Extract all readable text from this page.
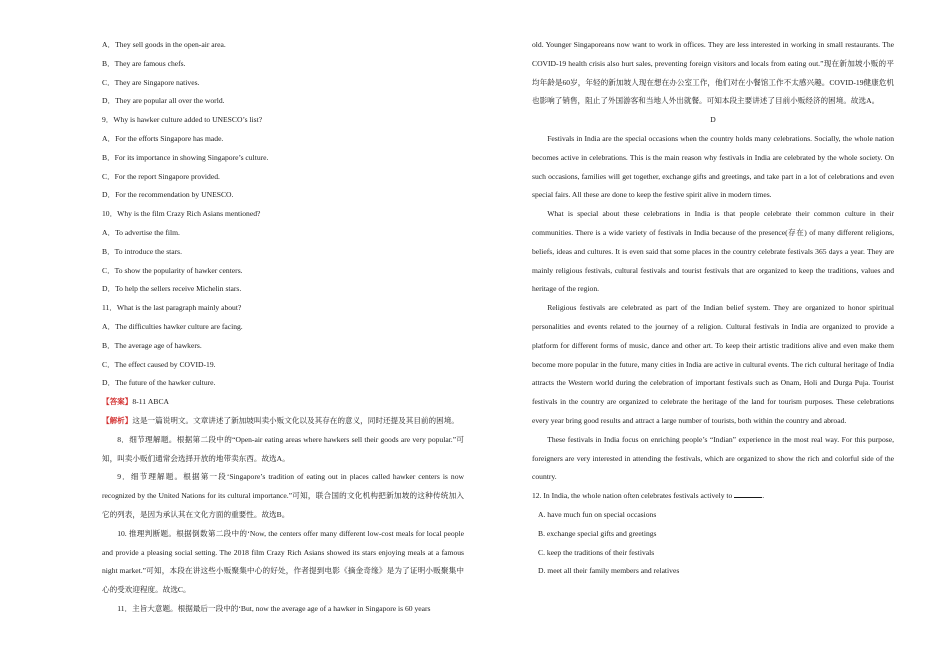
A．They sell goods in the open-air area.
B．They are famous chefs.
C．They are Singapore natives.
D．They are popular all over the world.
9．Why is hawker culture added to UNESCO’s list?
A．For the efforts Singapore has made.
B．For its importance in showing Singapore’s culture.
C．For the report Singapore provided.
D．For the recommendation by UNESCO.
10．Why is the film Crazy Rich Asians mentioned?
A．To advertise the film.
B．To introduce the stars.
C．To show the popularity of hawker centers.
D．To help the sellers receive Michelin stars.
11．What is the last paragraph mainly about?
A．The difficulties hawker culture are facing.
B．The average age of hawkers.
C．The effect caused by COVID-19.
D．The future of the hawker culture.
【答案】8-11 ABCA
【解析】这是一篇说明文。文章讲述了新加坡叫卖小贩文化以及其存在的意义，同时还提及其目前的困境。
8．细节理解题。根据第二段中的“Open-air eating areas where hawkers sell their goods are very popular.”可知，叫卖小贩们通常会选择开放的地带卖东西。故选A。
9．细节理解题。根据第一段‘Singapore’s tradition of eating out in places called hawker centers is now recognized by the United Nations for its cultural importance.”可知，联合国的文化机构把新加坡的这种传统加入它的列表，是因为承认其在文化方面的重要性。故选B。
10. 推理判断题。根据倒数第二段中的‘Now, the centers offer many different low-cost meals for local people and provide a pleasing social setting. The 2018 film Crazy Rich Asians showed its stars enjoying meals at a famous night market.”可知，本段在讲这些小贩聚集中心的好处，作者提到电影《摘金奇缘》是为了证明小贩聚集中心的受欢迎程度。故选C。
11．主旨大意题。根据最后一段中的‘But, now the average age of a hawker in Singapore is 60 years
old. Younger Singaporeans now want to work in offices. They are less interested in working in small restaurants. The COVID-19 health crisis also hurt sales, preventing foreign visitors and locals from eating out.”现在新加坡小贩的平均年龄是60岁，年轻的新加坡人现在想在办公室工作，他们对在小餐馆工作不太感兴趣。COVID-19健康危机也影响了销售，阻止了外国游客和当地人外出就餐。可知本段主要讲述了目前小贩经济的困境。故选A。
D
Festivals in India are the special occasions when the country holds many celebrations. Socially, the whole nation becomes active in celebrations. This is the main reason why festivals in India are celebrated by the whole society. On such occasions, families will get together, exchange gifts and greetings, and take part in a lot of celebrations and even special fairs. All these are done to keep the festive spirit alive in modern times.
What is special about these celebrations in India is that people celebrate their common culture in their communities. There is a wide variety of festivals in India because of the presence(存在) of many different religions, beliefs, ideas and cultures. It is even said that some places in the country celebrate festivals 365 days a year. They are mainly religious festivals, cultural festivals and tourist festivals that are organized to keep the traditions, values and heritage of the region.
Religious festivals are celebrated as part of the Indian belief system. They are organized to honor spiritual personalities and events related to the journey of a religion. Cultural festivals in India are organized to provide a platform for different forms of music, dance and other art. To keep their artistic traditions alive and even make them become more popular in the future, many cities in India are active in cultural events. The rich cultural heritage of India attracts the Western world during the celebration of important festivals such as Onam, Holi and Durga Puja. Tourist festivals in the country are organized to celebrate the heritage of the land for tourism purposes. These celebrations every year bring good results and attract a large number of tourists, both within the country and abroad.
These festivals in India focus on enriching people’s “Indian” experience in the most real way. For this purpose, foreigners are very interested in attending the festivals, which are organized to show the rich and colorful side of the country.
12. In India, the whole nation often celebrates festivals actively to	.
A. have much fun on special occasions
B. exchange special gifts and greetings
C. keep the traditions of their festivals
D. meet all their family members and relatives
